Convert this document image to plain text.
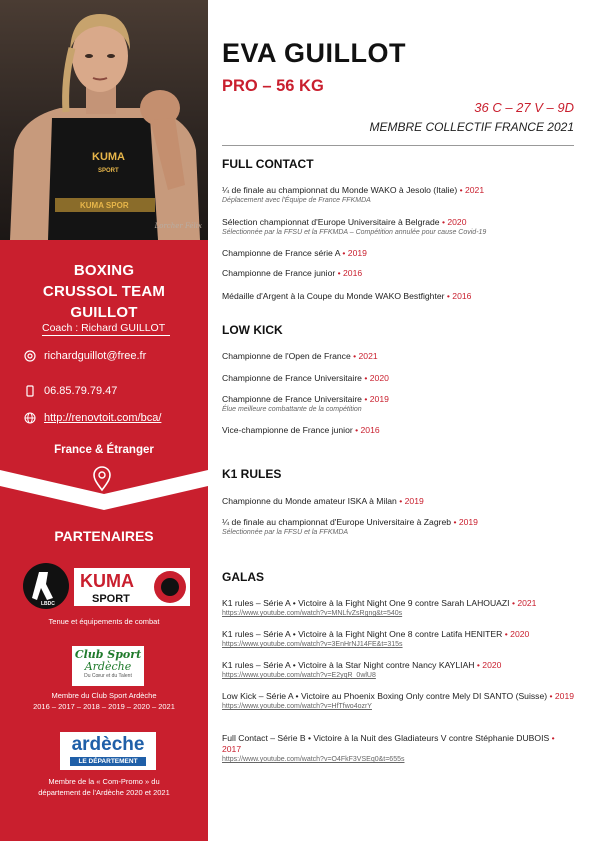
KUMA
SPORT
KUMA SPOR
Lorcher Félix
BOXING
CRUSSOL TEAM
GUILLOT
Coach : Richard GUILLOT
richardguillot@free.fr
06.85.79.79.47
http://renovtoit.com/bca/
France & Étranger
PARTENAIRES
LBDC
KUMA
SPORT
Tenue et équipements de combat
Club Sport
Ardèche
Du Cœur et du Talent
Membre du Club Sport Ardèche
2016 – 2017 – 2018 – 2019 – 2020 – 2021
ardèche
LE DÉPARTEMENT
Membre de la « Com-Promo » du
département de l'Ardèche 2020 et 2021
EVA GUILLOT
PRO – 56 KG
36 C – 27 V – 9D
MEMBRE COLLECTIF FRANCE 2021
FULL CONTACT
¼ de finale au championnat du Monde WAKO à Jesolo (Italie) • 2021
Déplacement avec l'Équipe de France FFKMDA
Sélection championnat d'Europe Universitaire à Belgrade • 2020
Sélectionnée par la FFSU et la FFKMDA – Compétition annulée pour cause Covid-19
Championne de France série A • 2019
Championne de France junior • 2016
Médaille d'Argent à la Coupe du Monde WAKO Bestfighter • 2016
LOW KICK
Championne de l'Open de France • 2021
Championne de France Universitaire • 2020
Championne de France Universitaire • 2019
Élue meilleure combattante de la compétition
Vice-championne de France junior • 2016
K1 RULES
Championne du Monde amateur ISKA à Milan • 2019
¼ de finale au championnat d'Europe Universitaire à Zagreb • 2019
Sélectionnée par la FFSU et la FFKMDA
GALAS
K1 rules – Série A • Victoire à la Fight Night One 9 contre Sarah LAHOUAZI • 2021
https://www.youtube.com/watch?v=MNLfvZsRgng&t=540s
K1 rules – Série A • Victoire à la Fight Night One 8 contre Latifa HENITER • 2020
https://www.youtube.com/watch?v=3EnHrNJ14FE&t=315s
K1 rules – Série A • Victoire à la Star Night contre Nancy KAYLIAH • 2020
https://www.youtube.com/watch?v=E2yqR_0wlU8
Low Kick – Série A • Victoire au Phoenix Boxing Only contre Mely DI SANTO (Suisse) • 2019
https://www.youtube.com/watch?v=HfTfwo4ozrY
Full Contact – Série B • Victoire à la Nuit des Gladiateurs V contre Stéphanie DUBOIS • 2017
https://www.youtube.com/watch?v=O4FkF3VSEq0&t=655s
